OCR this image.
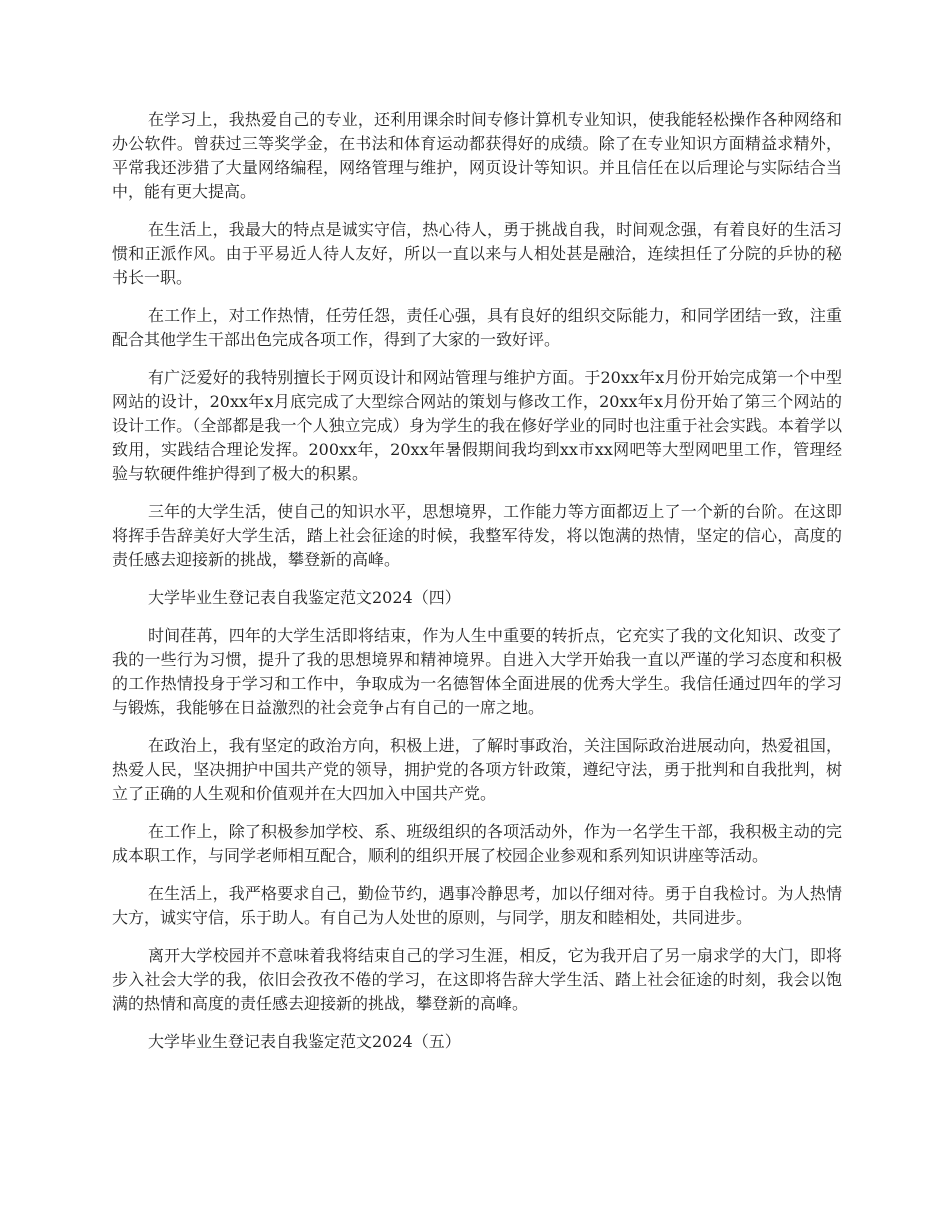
在学习上，我热爱自己的专业，还利用课余时间专修计算机专业知识，使我能轻松操作各种网络和办公软件。曾获过三等奖学金，在书法和体育运动都获得好的成绩。除了在专业知识方面精益求精外，平常我还涉猎了大量网络编程，网络管理与维护，网页设计等知识。并且信任在以后理论与实际结合当中，能有更大提高。

在生活上，我最大的特点是诚实守信，热心待人，勇于挑战自我，时间观念强，有着良好的生活习惯和正派作风。由于平易近人待人友好，所以一直以来与人相处甚是融洽，连续担任了分院的乒协的秘书长一职。

在工作上，对工作热情，任劳任怨，责任心强，具有良好的组织交际能力，和同学团结一致，注重配合其他学生干部出色完成各项工作，得到了大家的一致好评。

有广泛爱好的我特别擅长于网页设计和网站管理与维护方面。于20xx年x月份开始完成第一个中型网站的设计，20xx年x月底完成了大型综合网站的策划与修改工作，20xx年x月份开始了第三个网站的设计工作。（全部都是我一个人独立完成）身为学生的我在修好学业的同时也注重于社会实践。本着学以致用，实践结合理论发挥。200xx年，20xx年暑假期间我均到xx市xx网吧等大型网吧里工作，管理经验与软硬件维护得到了极大的积累。

三年的大学生活，使自己的知识水平，思想境界，工作能力等方面都迈上了一个新的台阶。在这即将挥手告辞美好大学生活，踏上社会征途的时候，我整军待发，将以饱满的热情，坚定的信心，高度的责任感去迎接新的挑战，攀登新的高峰。

大学毕业生登记表自我鉴定范文2024（四）

时间荏苒，四年的大学生活即将结束，作为人生中重要的转折点，它充实了我的文化知识、改变了我的一些行为习惯，提升了我的思想境界和精神境界。自进入大学开始我一直以严谨的学习态度和积极的工作热情投身于学习和工作中，争取成为一名德智体全面进展的优秀大学生。我信任通过四年的学习与锻炼，我能够在日益激烈的社会竞争占有自己的一席之地。

在政治上，我有坚定的政治方向，积极上进，了解时事政治，关注国际政治进展动向，热爱祖国，热爱人民，坚决拥护中国共产党的领导，拥护党的各项方针政策，遵纪守法，勇于批判和自我批判，树立了正确的人生观和价值观并在大四加入中国共产党。

在工作上，除了积极参加学校、系、班级组织的各项活动外，作为一名学生干部，我积极主动的完成本职工作，与同学老师相互配合，顺利的组织开展了校园企业参观和系列知识讲座等活动。

在生活上，我严格要求自己，勤俭节约，遇事冷静思考，加以仔细对待。勇于自我检讨。为人热情大方，诚实守信，乐于助人。有自己为人处世的原则，与同学，朋友和睦相处，共同进步。

离开大学校园并不意味着我将结束自己的学习生涯，相反，它为我开启了另一扇求学的大门，即将步入社会大学的我，依旧会孜孜不倦的学习，在这即将告辞大学生活、踏上社会征途的时刻，我会以饱满的热情和高度的责任感去迎接新的挑战，攀登新的高峰。

大学毕业生登记表自我鉴定范文2024（五）
